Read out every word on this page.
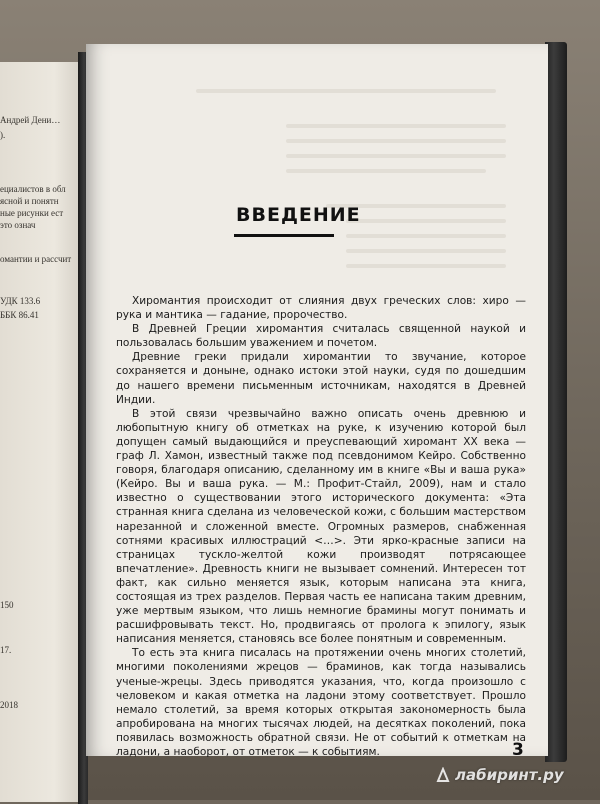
Андрей Дени…
).
ециалистов в обл
ясной и понятн
ные рисунки ест
это означ
омантии и рассчит
УДК 133.6
ББК 86.41
150
17.
2018
ВВЕДЕНИЕ

Хиромантия происходит от слияния двух греческих слов: хиро — рука и мантика — гадание, пророчество.

В Древней Греции хиромантия считалась священной наукой и пользовалась большим уважением и почетом.

Древние греки придали хиромантии то звучание, которое сохраняется и доныне, однако истоки этой науки, судя по дошедшим до нашего времени письменным источникам, находятся в Древней Индии.

В этой связи чрезвычайно важно описать очень древнюю и любопытную книгу об отметках на руке, к изучению которой был допущен самый выдающийся и преуспевающий хиромант XX века — граф Л. Хамон, известный также под псевдонимом Кейро. Собственно говоря, благодаря описанию, сделанному им в книге «Вы и ваша рука» (Кейро. Вы и ваша рука. — М.: Профит-Стайл, 2009), нам и стало известно о существовании этого исторического документа: «Эта странная книга сделана из человеческой кожи, с большим мастерством нарезанной и сложенной вместе. Огромных размеров, снабженная сотнями красивых иллюстраций <…>. Эти ярко-красные записи на страницах тусклo-желтой кожи производят потрясающее впечатление». Древность книги не вызывает сомнений. Интересен тот факт, как сильно меняется язык, которым написана эта книга, состоящая из трех разделов. Первая часть ее написана таким древним, уже мертвым языком, что лишь немногие брамины могут понимать и расшифровывать текст. Но, продвигаясь от пролога к эпилогу, язык написания меняется, становясь все более понятным и современным.

То есть эта книга писалась на протяжении очень многих столетий, многими поколениями жрецов — браминов, как тогда назывались ученые-жрецы. Здесь приводятся указания, что, когда произошло с человеком и какая отметка на ладони этому соответствует. Прошло немало столетий, за время которых открытая закономерность была апробирована на многих тысячах людей, на десятках поколений, пока появилась возможность обратной связи. Не от событий к отметкам на ладони, а наоборот, от отметок — к событиям.	3
лабиринт.ру
